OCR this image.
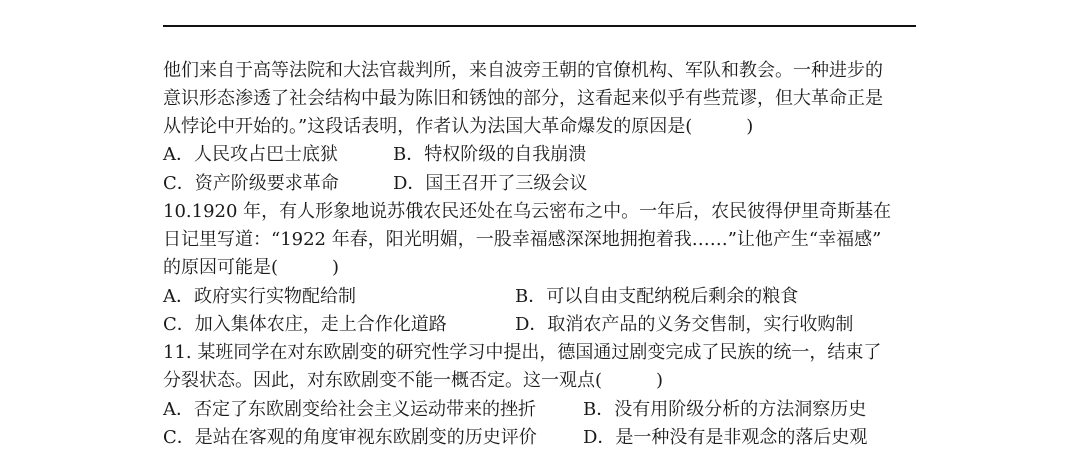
他们来自于高等法院和大法官裁判所，来自波旁王朝的官僚机构、军队和教会。一种进步的
意识形态渗透了社会结构中最为陈旧和锈蚀的部分，这看起来似乎有些荒谬，但大革命正是
从悖论中开始的。”这段话表明，作者认为法国大革命爆发的原因是(　　　)
A．人民攻占巴士底狱	B．特权阶级的自我崩溃
C．资产阶级要求革命	D．国王召开了三级会议
10.1920 年，有人形象地说苏俄农民还处在乌云密布之中。一年后，农民彼得伊里奇斯基在
日记里写道：“1922 年春，阳光明媚，一股幸福感深深地拥抱着我……”让他产生“幸福感”
的原因可能是(　　　)
A．政府实行实物配给制	B．可以自由支配纳税后剩余的粮食
C．加入集体农庄，走上合作化道路	D．取消农产品的义务交售制，实行收购制
11. 某班同学在对东欧剧变的研究性学习中提出，德国通过剧变完成了民族的统一，结束了
分裂状态。因此，对东欧剧变不能一概否定。这一观点(　　　)
A．否定了东欧剧变给社会主义运动带来的挫折	B．没有用阶级分析的方法洞察历史
C．是站在客观的角度审视东欧剧变的历史评价	D．是一种没有是非观念的落后史观
